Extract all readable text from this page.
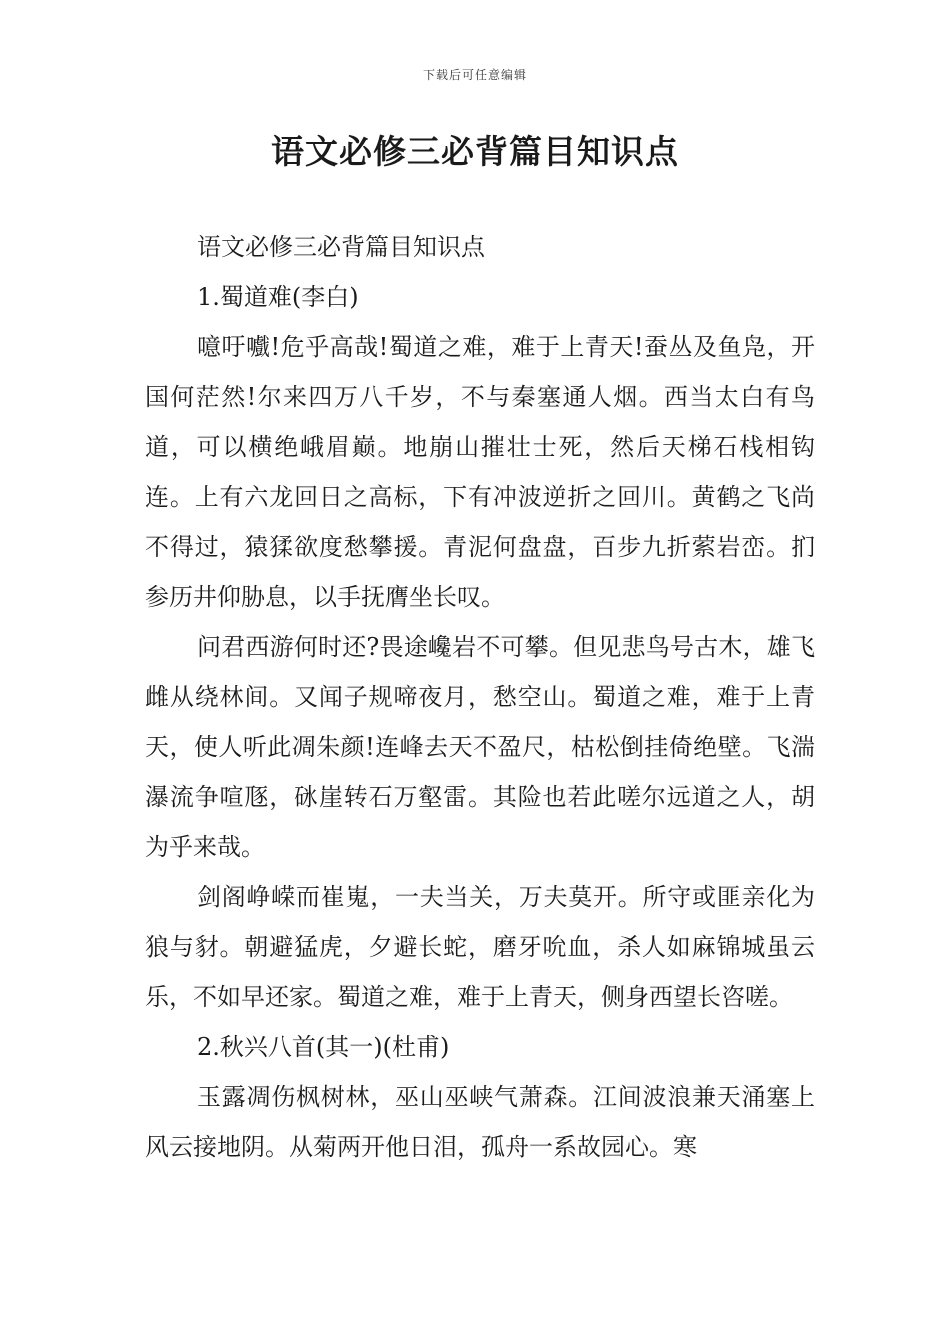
下载后可任意编辑
语文必修三必背篇目知识点

语文必修三必背篇目知识点

1.蜀道难(李白)

噫吁嚱!危乎高哉!蜀道之难，难于上青天!蚕丛及鱼凫，开国何茫然!尔来四万八千岁，不与秦塞通人烟。西当太白有鸟道，可以横绝峨眉巅。地崩山摧壮士死，然后天梯石栈相钩连。上有六龙回日之高标，下有冲波逆折之回川。黄鹤之飞尚不得过，猿猱欲度愁攀援。青泥何盘盘，百步九折萦岩峦。扪参历井仰胁息，以手抚膺坐长叹。

问君西游何时还?畏途巉岩不可攀。但见悲鸟号古木，雄飞雌从绕林间。又闻子规啼夜月，愁空山。蜀道之难，难于上青天，使人听此凋朱颜!连峰去天不盈尺，枯松倒挂倚绝壁。飞湍瀑流争喧豗，砯崖转石万壑雷。其险也若此嗟尔远道之人，胡为乎来哉。

剑阁峥嵘而崔嵬，一夫当关，万夫莫开。所守或匪亲化为狼与豺。朝避猛虎，夕避长蛇，磨牙吮血，杀人如麻锦城虽云乐，不如早还家。蜀道之难，难于上青天，侧身西望长咨嗟。

2.秋兴八首(其一)(杜甫)

玉露凋伤枫树林，巫山巫峡气萧森。江间波浪兼天涌塞上风云接地阴。从菊两开他日泪，孤舟一系故园心。寒
